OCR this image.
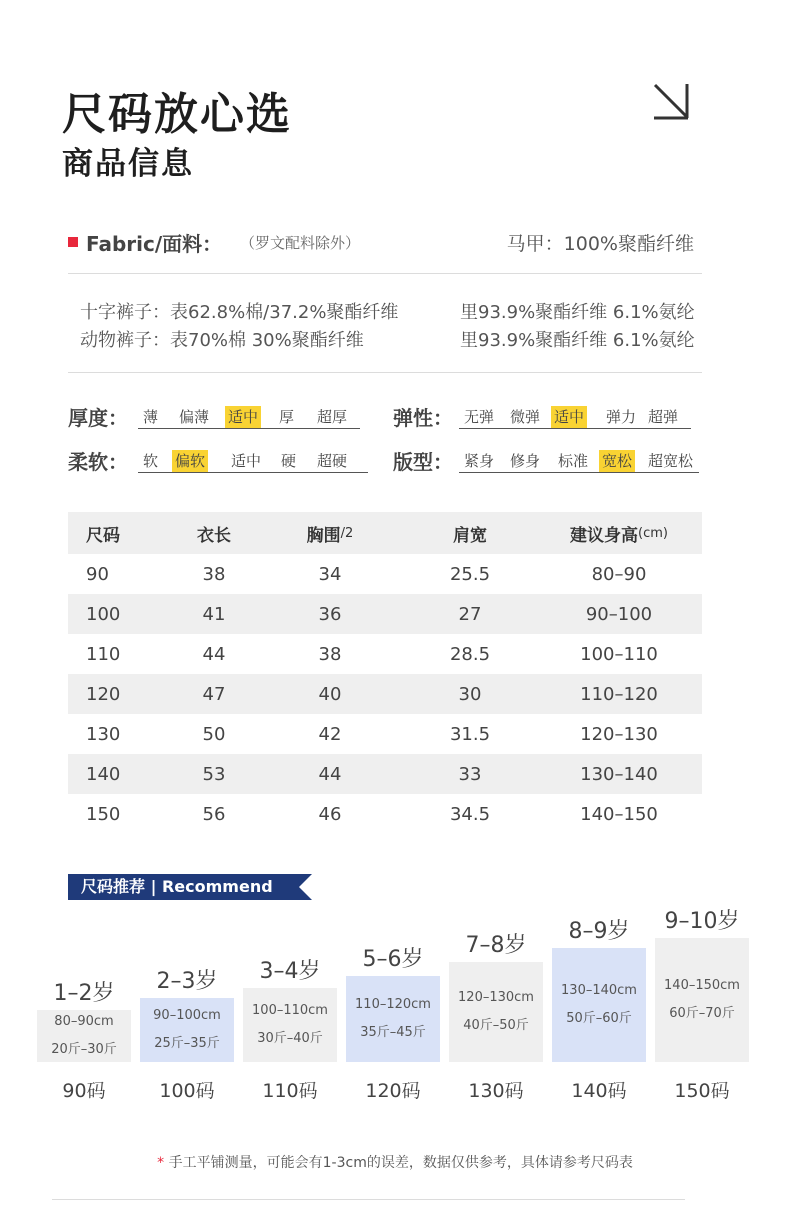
尺码放心选
商品信息
Fabric/面料： （罗文配料除外）	马甲：100%聚酯纤维
十字裤子：表62.8%棉/37.2%聚酯纤维	里93.9%聚酯纤维 6.1%氨纶
动物裤子：表70%棉 30%聚酯纤维	里93.9%聚酯纤维 6.1%氨纶
厚度： 薄 偏薄 适中 厚 超厚 弹性： 无弹 微弹 适中 弹力 超弹
柔软： 软 偏软 适中 硬 超硬 版型： 紧身 修身 标准 宽松 超宽松
尺码	衣长	胸围 /2	肩宽	建议身高 (cm)
90	38	34	25.5	80–90
100	41	36	27	90–100
110	44	38	28.5	100–110
120	47	40	30	110–120
130	50	42	31.5	120–130
140	53	44	33	130–140
150	56	46	34.5	140–150
尺码推荐 | Recommend
80–90cm
20斤–30斤
1–2岁
90码
90–100cm
25斤–35斤
2–3岁
100码
100–110cm
30斤–40斤
3–4岁
110码
110–120cm
35斤–45斤
5–6岁
120码
120–130cm
40斤–50斤
7–8岁
130码
130–140cm
50斤–60斤
8–9岁
140码
140–150cm
60斤–70斤
9–10岁
150码
* 手工平铺测量，可能会有1-3cm的误差，数据仅供参考，具体请参考尺码表
